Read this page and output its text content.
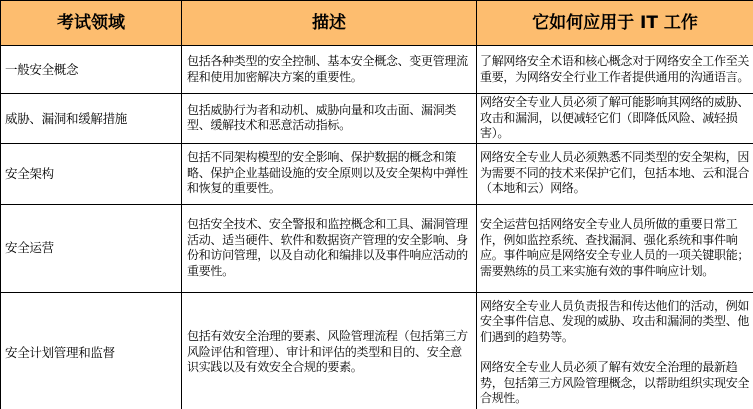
考试领域	描述	它如何应用于 IT 工作
一般安全概念	包括各种类型的安全控制、基本安全概念、变更管理流程和使用加密解决方案的重要性。	了解网络安全术语和核心概念对于网络安全工作至关重要，为网络安全行业工作者提供通用的沟通语言。
威胁、漏洞和缓解措施	包括威胁行为者和动机、威胁向量和攻击面、漏洞类型、缓解技术和恶意活动指标。	网络安全专业人员必须了解可能影响其网络的威胁、攻击和漏洞，以便减轻它们（即降低风险、减轻损害）。
安全架构	包括不同架构模型的安全影响、保护数据的概念和策略、保护企业基础设施的安全原则以及安全架构中弹性和恢复的重要性。	网络安全专业人员必须熟悉不同类型的安全架构，因为需要不同的技术来保护它们，包括本地、云和混合（本地和云）网络。
安全运营	包括安全技术、安全警报和监控概念和工具、漏洞管理活动、适当硬件、软件和数据资产管理的安全影响、身份和访问管理，以及自动化和编排以及事件响应活动的重要性。	安全运营包括网络安全专业人员所做的重要日常工作，例如监控系统、查找漏洞、强化系统和事件响应。事件响应是网络安全专业人员的一项关键职能；需要熟练的员工来实施有效的事件响应计划。
安全计划管理和监督	包括有效安全治理的要素、风险管理流程（包括第三方风险评估和管理）、审计和评估的类型和目的、安全意识实践以及有效安全合规的要素。	网络安全专业人员负责报告和传达他们的活动，例如安全事件信息、发现的威胁、攻击和漏洞的类型、他们遇到的趋势等。
网络安全专业人员必须了解有效安全治理的最新趋势，包括第三方风险管理概念，以帮助组织实现安全合规性。
